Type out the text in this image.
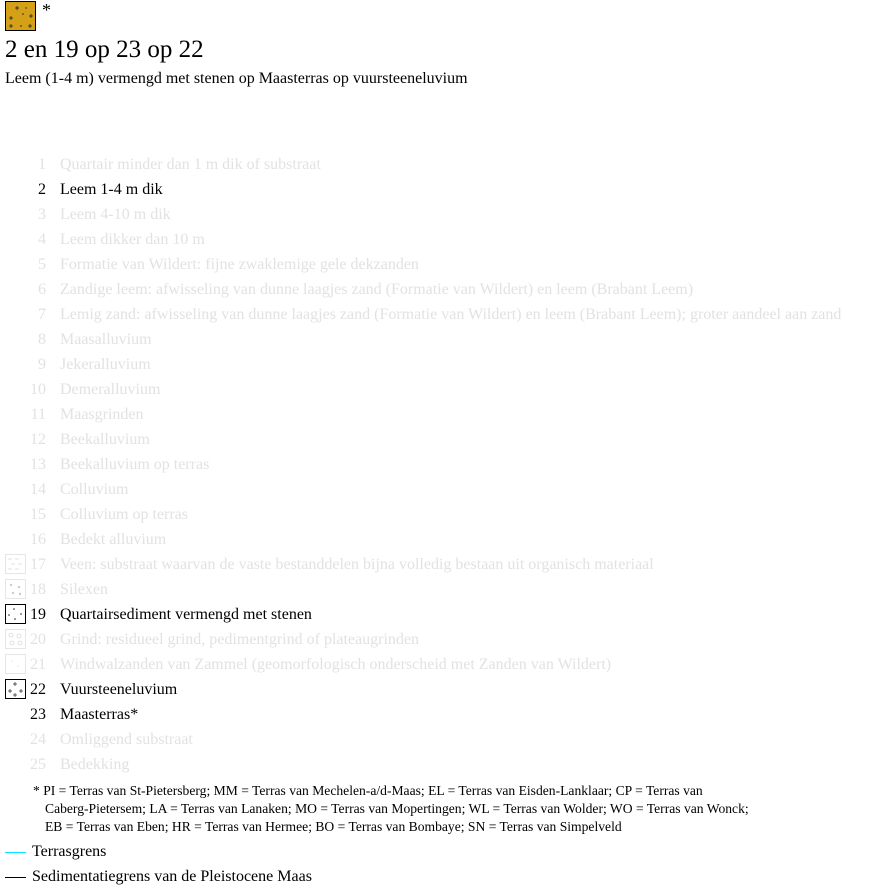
*
2 en 19 op 23 op 22
Leem (1-4 m) vermengd met stenen op Maasterras op vuursteeneluvium
1 Quartair minder dan 1 m dik of substraat
2 Leem 1-4 m dik
3 Leem 4-10 m dik
4 Leem dikker dan 10 m
5 Formatie van Wildert: fijne zwaklemige gele dekzanden
6 Zandige leem: afwisseling van dunne laagjes zand (Formatie van Wildert) en leem (Brabant Leem)
7 Lemig zand: afwisseling van dunne laagjes zand (Formatie van Wildert) en leem (Brabant Leem); groter aandeel aan zand
8 Maasalluvium
9 Jekeralluvium
10 Demeralluvium
11 Maasgrinden
12 Beekalluvium
13 Beekalluvium op terras
14 Colluvium
15 Colluvium op terras
16 Bedekt alluvium
17 Veen: substraat waarvan de vaste bestanddelen bijna volledig bestaan uit organisch materiaal
18 Silexen
19 Quartairsediment vermengd met stenen
20 Grind: residueel grind, pedimentgrind of plateaugrinden
21 Windwalzanden van Zammel (geomorfologisch onderscheid met Zanden van Wildert)
22 Vuursteeneluvium
23 Maasterras*
24 Omliggend substraat
25 Bedekking
* PI = Terras van St-Pietersberg; MM = Terras van Mechelen-a/d-Maas; EL = Terras van Eisden-Lanklaar; CP = Terras van
Caberg-Pietersem; LA = Terras van Lanaken; MO = Terras van Mopertingen; WL = Terras van Wolder; WO = Terras van Wonck;
EB = Terras van Eben; HR = Terras van Hermee; BO = Terras van Bombaye; SN = Terras van Simpelveld
Terrasgrens
Sedimentatiegrens van de Pleistocene Maas
